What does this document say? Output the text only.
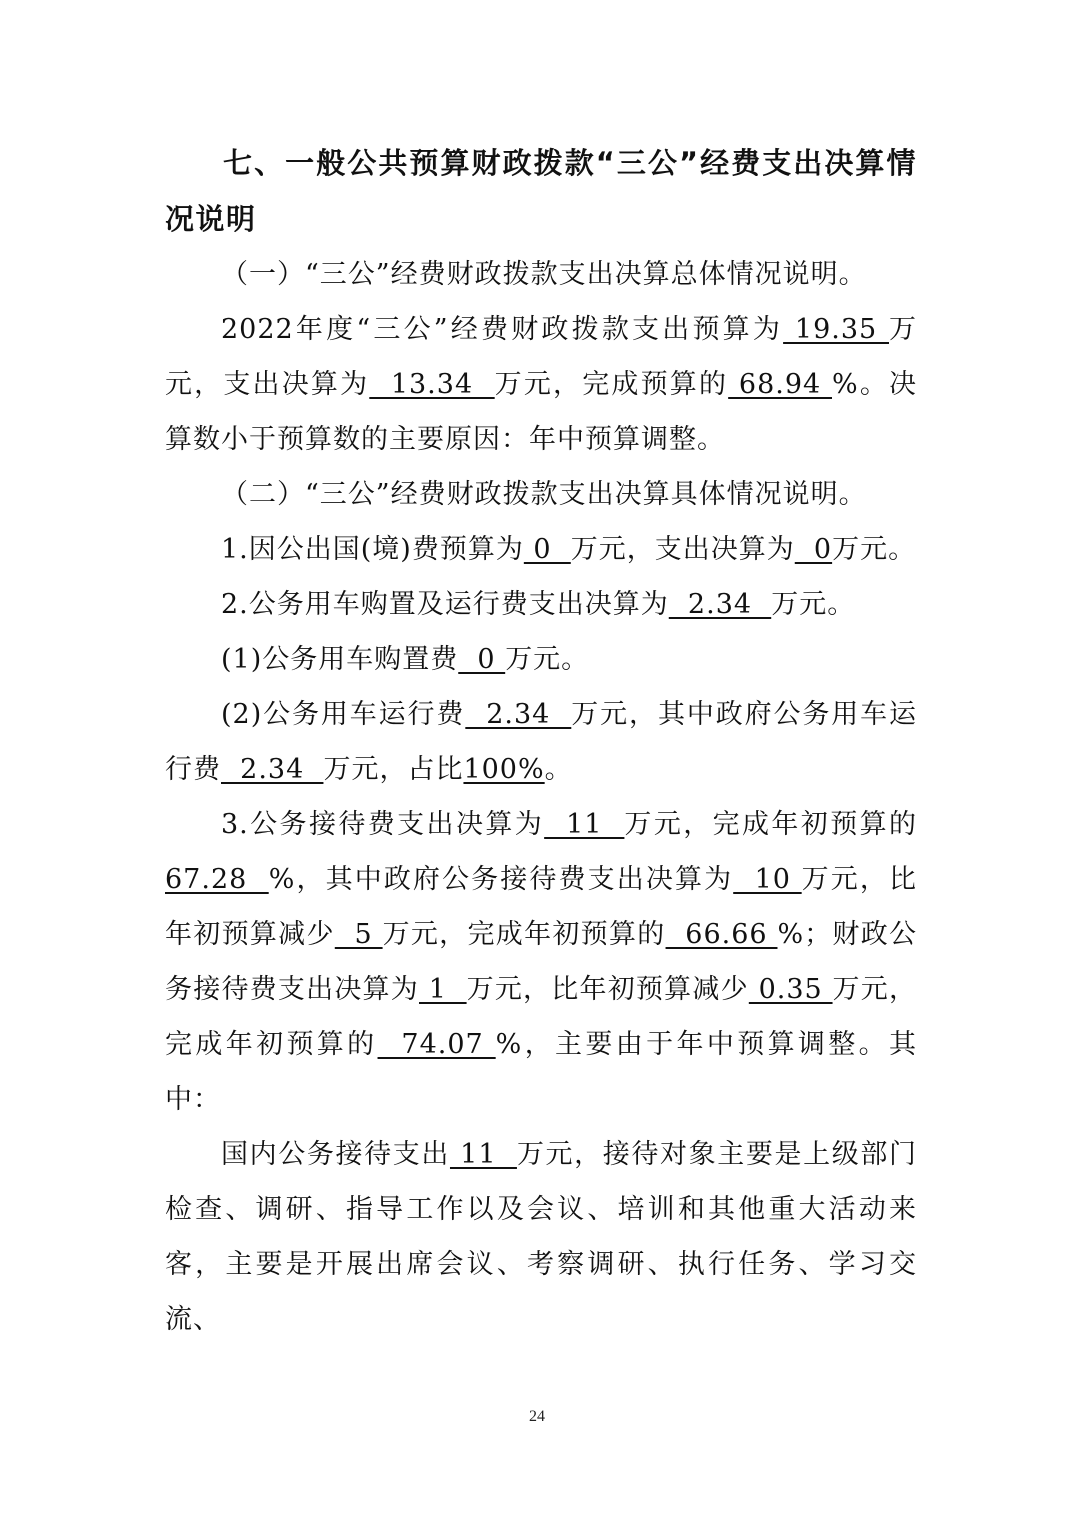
七、一般公共预算财政拨款“三公”经费支出决算情况说明

（一）“三公”经费财政拨款支出决算总体情况说明。

2022年度“三公”经费财政拨款支出预算为 19.35 万元，支出决算为  13.34  万元，完成预算的 68.94 %。决算数小于预算数的主要原因：年中预算调整。

（二）“三公”经费财政拨款支出决算具体情况说明。

1.因公出国(境)费预算为 0  万元，支出决算为  0万元。

2.公务用车购置及运行费支出决算为  2.34  万元。

(1)公务用车购置费  0 万元。

(2)公务用车运行费  2.34  万元，其中政府公务用车运行费  2.34  万元，占比100%。

3.公务接待费支出决算为  11  万元，完成年初预算的67.28  %，其中政府公务接待费支出决算为  10 万元，比年初预算减少  5 万元，完成年初预算的  66.66 %；财政公务接待费支出决算为 1  万元，比年初预算减少 0.35 万元，完成年初预算的  74.07 %，主要由于年中预算调整。其中：

国内公务接待支出 11  万元，接待对象主要是上级部门检查、调研、指导工作以及会议、培训和其他重大活动来客，主要是开展出席会议、考察调研、执行任务、学习交流、

24
